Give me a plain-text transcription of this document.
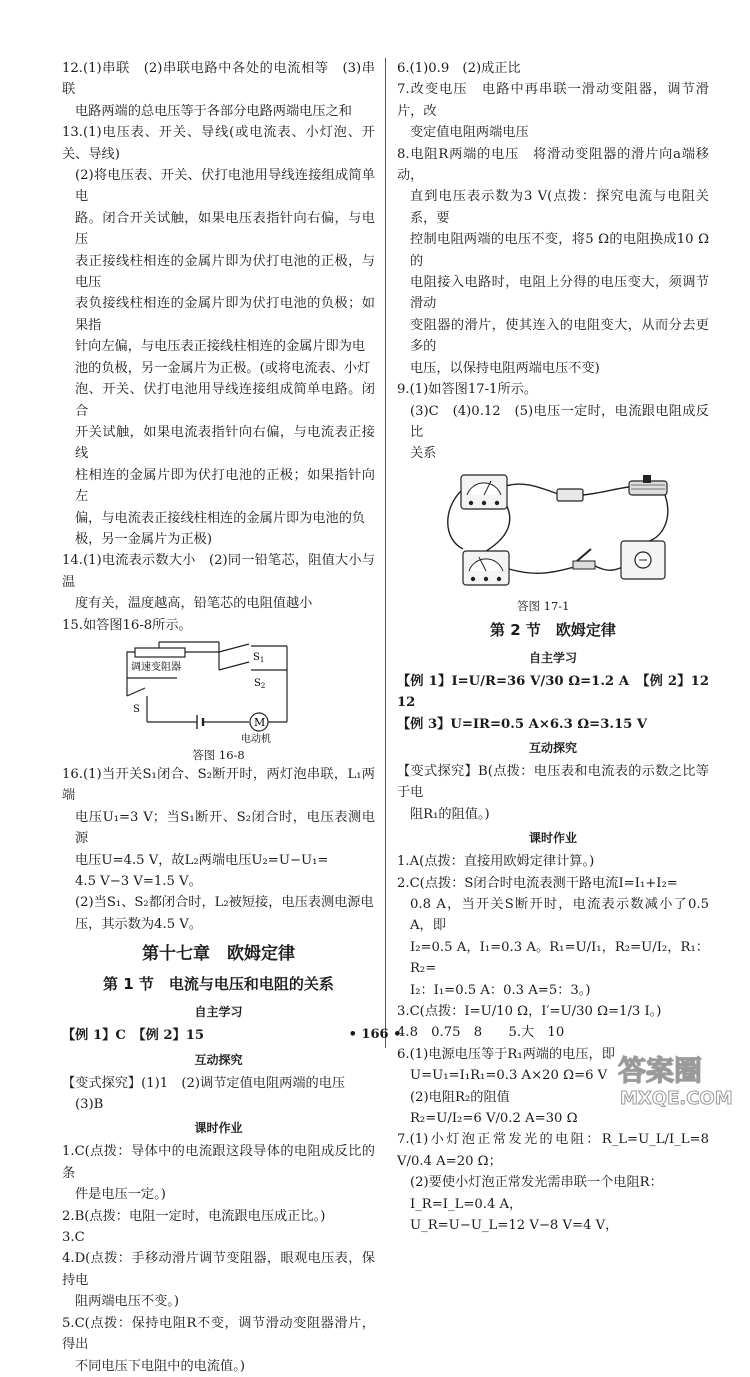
12.(1)串联　(2)串联电路中各处的电流相等　(3)串联

电路两端的总电压等于各部分电路两端电压之和

13.(1)电压表、开关、导线(或电流表、小灯泡、开关、导线)

(2)将电压表、开关、伏打电池用导线连接组成简单电

路。闭合开关试触，如果电压表指针向右偏，与电压

表正接线柱相连的金属片即为伏打电池的正极，与电压

表负接线柱相连的金属片即为伏打电池的负极；如果指

针向左偏，与电压表正接线柱相连的金属片即为电

池的负极，另一金属片为正极。(或将电流表、小灯

泡、开关、伏打电池用导线连接组成简单电路。闭合

开关试触，如果电流表指针向右偏，与电流表正接线

柱相连的金属片即为伏打电池的正极；如果指针向左

偏，与电流表正接线柱相连的金属片即为电池的负

极，另一金属片为正极)

14.(1)电流表示数大小　(2)同一铅笔芯，阻值大小与温

度有关，温度越高，铅笔芯的电阻值越小

15.如答图16-8所示。

调速变阻器
$S_1$
$S_2$
S
M
电动机

答图 16-8

16.(1)当开关S₁闭合、S₂断开时，两灯泡串联，L₁两端

电压U₁=3 V；当S₁断开、S₂闭合时，电压表测电源

电压U=4.5 V，故L₂两端电压U₂=U−U₁=

4.5 V−3 V=1.5 V。

(2)当S₁、S₂都闭合时，L₂被短接，电压表测电源电

压，其示数为4.5 V。

第十七章　欧姆定律
第 1 节　电流与电压和电阻的关系
自主学习

【例 1】C　【例 2】15

互动探究

【变式探究】(1)1　(2)调节定值电阻两端的电压

(3)B

课时作业

1.C(点拨：导体中的电流跟这段导体的电阻成反比的条

件是电压一定。)

2.B(点拨：电阻一定时，电流跟电压成正比。)

3.C

4.D(点拨：手移动滑片调节变阻器，眼观电压表，保持电

阻两端电压不变。)

5.C(点拨：保持电阻R不变，调节滑动变阻器滑片，得出

不同电压下电阻中的电流值。)

6.(1)0.9　(2)成正比

7.改变电压　电路中再串联一滑动变阻器，调节滑片，改

变定值电阻两端电压

8.电阻R两端的电压　将滑动变阻器的滑片向a端移动，

直到电压表示数为3 V(点拨：探究电流与电阻关系，要

控制电阻两端的电压不变，将5 Ω的电阻换成10 Ω的

电阻接入电路时，电阻上分得的电压变大，须调节滑动

变阻器的滑片，使其连入的电阻变大，从而分去更多的

电压，以保持电阻两端电压不变)

9.(1)如答图17-1所示。

(3)C　(4)0.12　(5)电压一定时，电流跟电阻成反比

关系

答图 17-1

第 2 节　欧姆定律
自主学习

【例 1】I=U/R=36 V/30 Ω=1.2 A　【例 2】12　12

【例 3】U=IR=0.5 A×6.3 Ω=3.15 V

互动探究

【变式探究】B(点拨：电压表和电流表的示数之比等于电

阻R₁的阻值。)

课时作业

1.A(点拨：直接用欧姆定律计算。)

2.C(点拨：S闭合时电流表测干路电流I=I₁+I₂=

0.8 A，当开关S断开时，电流表示数减小了0.5 A，即

I₂=0.5 A，I₁=0.3 A。R₁=U/I₁，R₂=U/I₂，R₁：R₂=

I₂：I₁=0.5 A：0.3 A=5：3。)

3.C(点拨：I=U/10 Ω，I′=U/30 Ω=1/3 I。)

4.8　0.75　8　　5.大　10

6.(1)电源电压等于R₁两端的电压，即

U=U₁=I₁R₁=0.3 A×20 Ω=6 V

(2)电阻R₂的阻值

R₂=U/I₂=6 V/0.2 A=30 Ω

7.(1)小灯泡正常发光的电阻：R_L=U_L/I_L=8 V/0.4 A=20 Ω；

(2)要使小灯泡正常发光需串联一个电阻R：

I_R=I_L=0.4 A，

U_R=U−U_L=12 V−8 V=4 V，

• 166 •
答案圈
MXQE.COM
